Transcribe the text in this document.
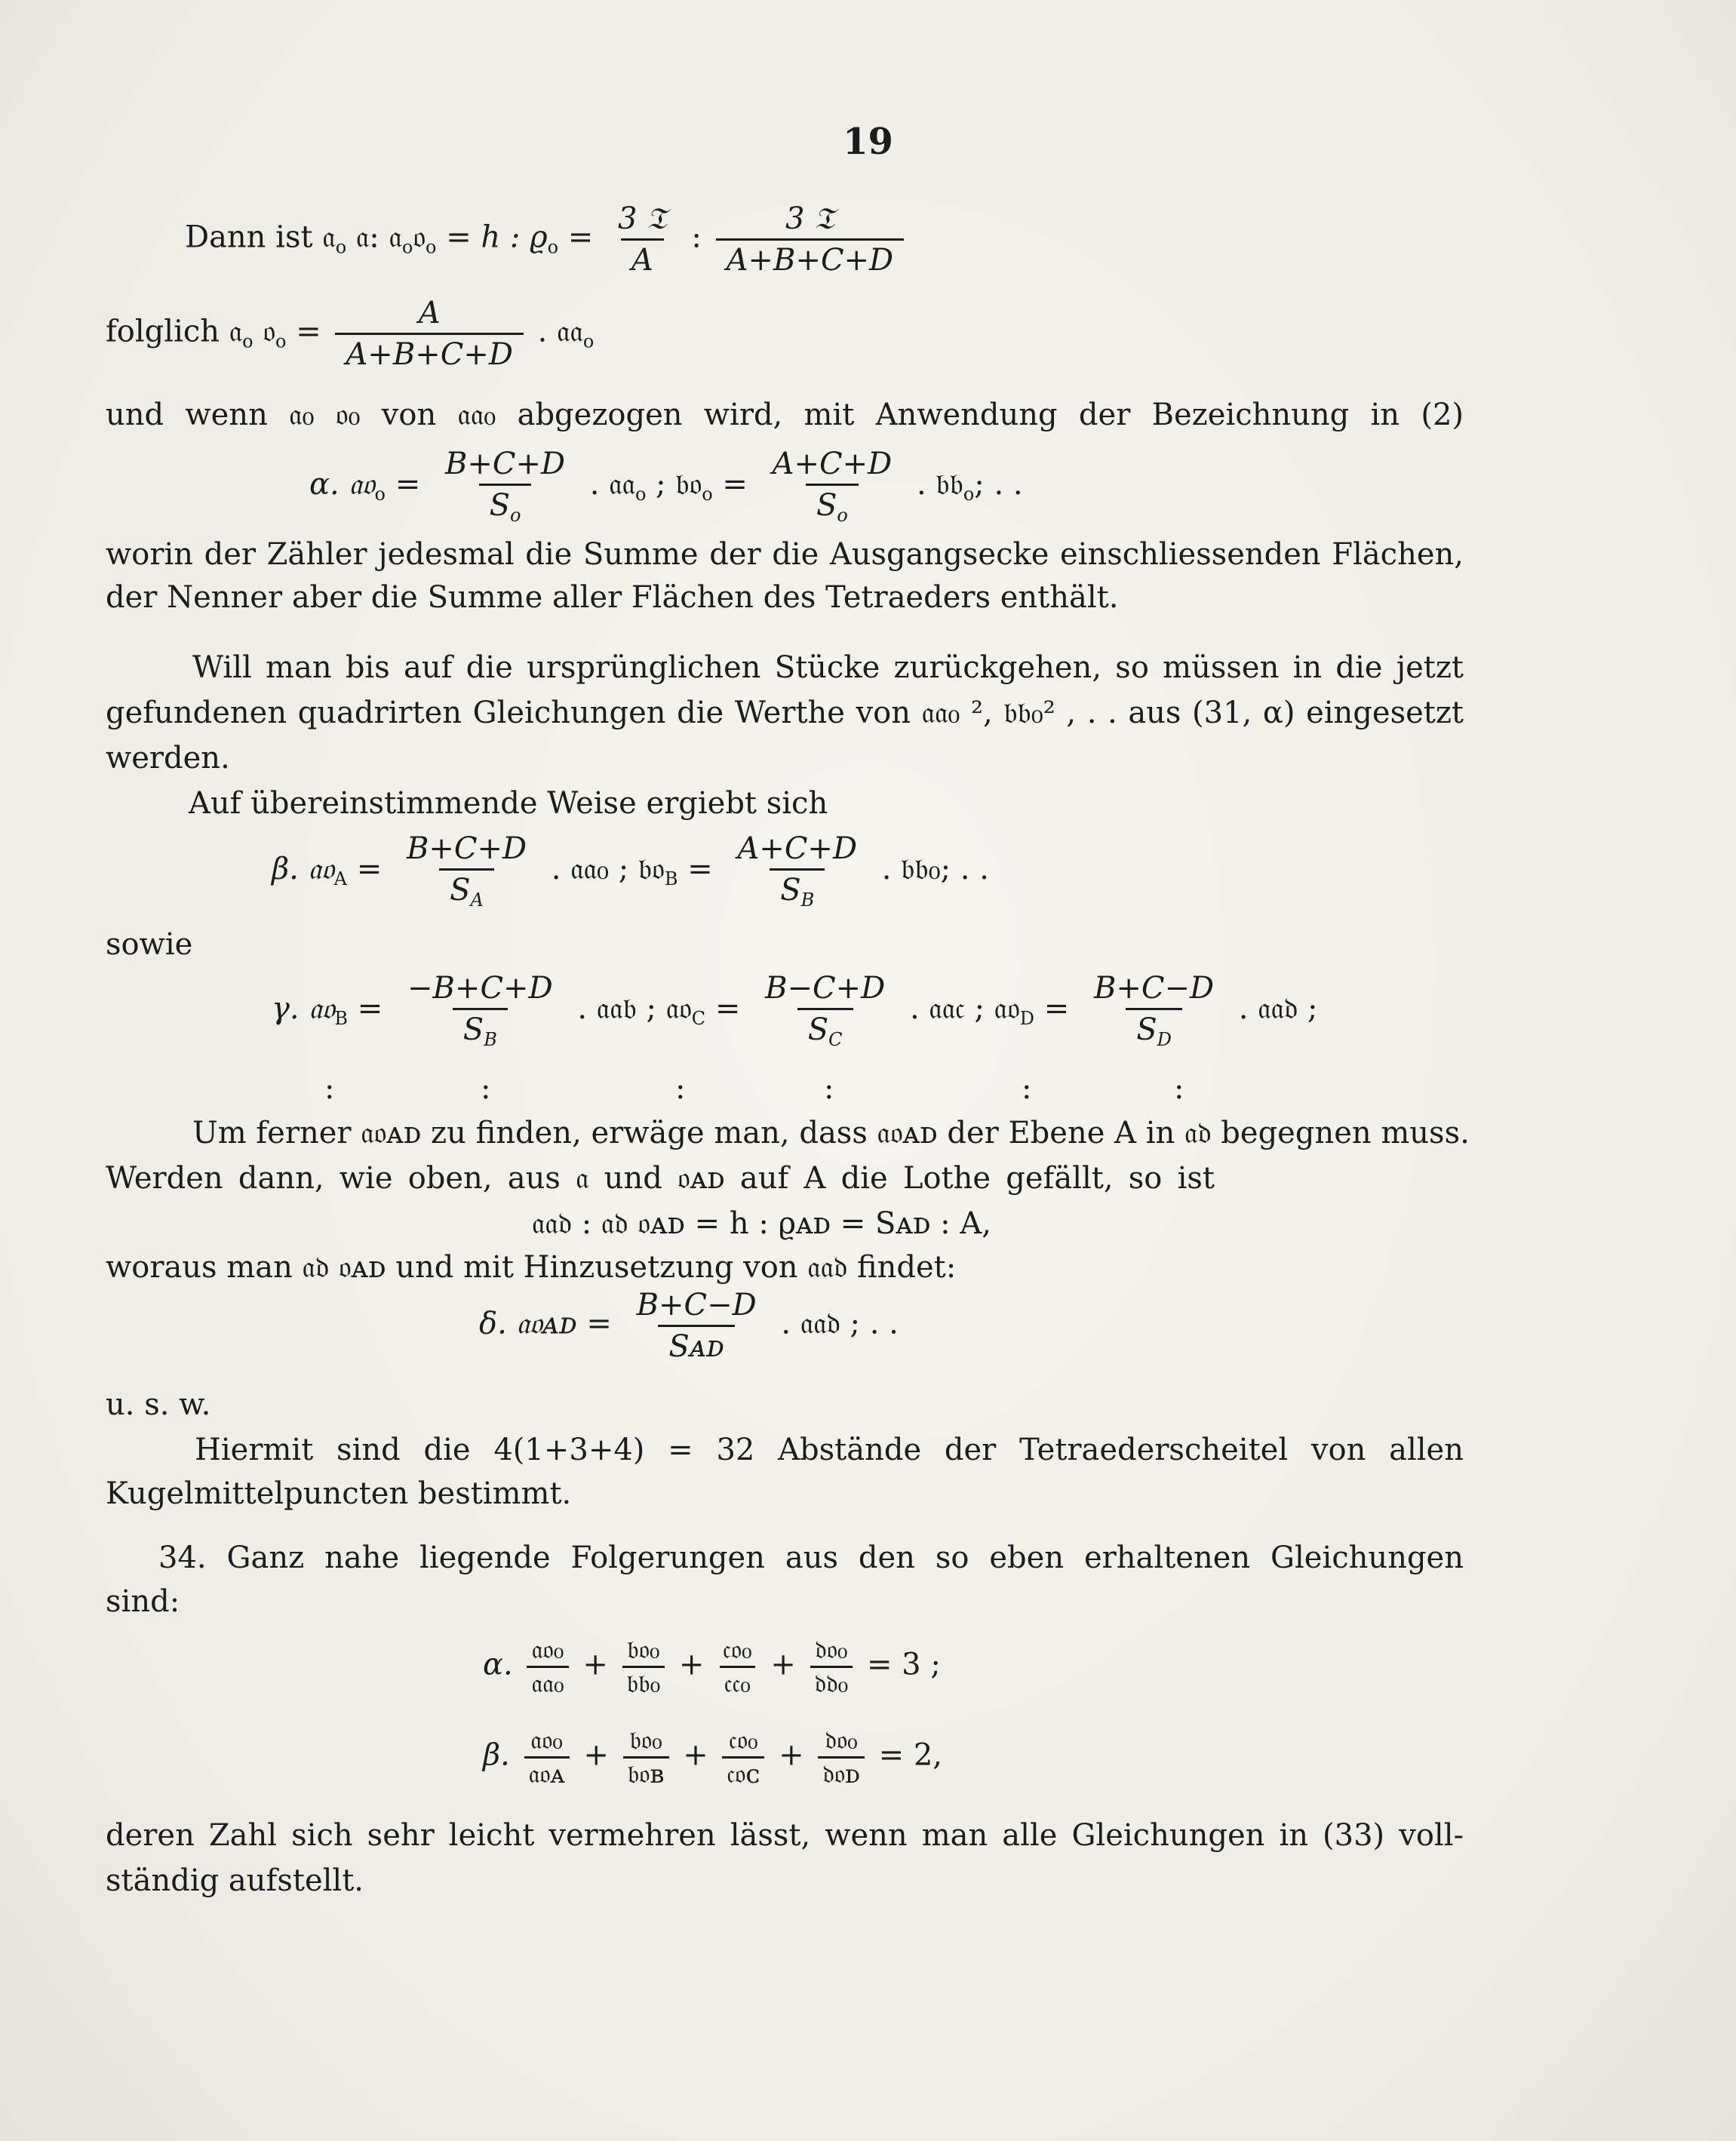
19
Dann ist 𝔞$_o$ 𝔞: 𝔞$_o$𝔬$_o$ = h : $ϱ_o = \frac{\text{3 𝔗}}{A}$ : $\frac{\text{3 𝔗}}{A+B+C+D}$
folglich 𝔞$_o$ 𝔬$_o$ = $\frac{A}{A+B+C+D}$ . 𝔞𝔞$_o$
und wenn 𝔞₀ 𝔬₀ von 𝔞𝔞₀ abgezogen wird, mit Anwendung der Bezeichnung in (2)
α. 𝔞𝔬$_o$ = $\frac{B+C+D}{S_o}$ . 𝔞𝔞$_o$ ; 𝔟𝔬$_o$ = $\frac{A+C+D}{S_o}$ . 𝔟𝔟$_o$; . .
worin der Zähler jedesmal die Summe der die Ausgangsecke einschliessenden Flächen,
der Nenner aber die Summe aller Flächen des Tetraeders enthält.
Will man bis auf die ursprünglichen Stücke zurückgehen, so müssen in die jetzt
gefundenen quadrirten Gleichungen die Werthe von 𝔞𝔞₀ ², 𝔟𝔟₀² , . . aus (31, α) eingesetzt
werden.
Auf übereinstimmende Weise ergiebt sich
β. 𝔞𝔬$_A$ = $\frac{B+C+D}{S_A}$ . 𝔞𝔞₀ ; 𝔟𝔬$_B$ = $\frac{A+C+D}{S_B}$ . 𝔟𝔟₀; . .
sowie
γ. 𝔞𝔬$_B$ = $\frac{-B+C+D}{S_B}$ . 𝔞𝔞𝔟 ; 𝔞𝔬$_C$ = $\frac{B-C+D}{S_C}$ . 𝔞𝔞𝔠 ; 𝔞𝔬$_D$ = $\frac{B+C-D}{S_D}$ . 𝔞𝔞𝔡 ;
:	:	:	:	:	:
Um ferner 𝔞𝔬ᴀᴅ zu finden, erwäge man, dass 𝔞𝔬ᴀᴅ der Ebene A in 𝔞𝔡 begegnen muss.
Werden dann, wie oben, aus 𝔞 und 𝔬ᴀᴅ auf A die Lothe gefällt, so ist
𝔞𝔞𝔡 : 𝔞𝔡 𝔬ᴀᴅ = h : ϱᴀᴅ = Sᴀᴅ : A,
woraus man 𝔞𝔡 𝔬ᴀᴅ und mit Hinzusetzung von 𝔞𝔞𝔡 findet:
δ. 𝔞𝔬ᴀᴅ = $\frac{B+C-D}{\text{Sᴀᴅ}}$ . 𝔞𝔞𝔡 ; . .
u. s. w.
Hiermit sind die 4(1+3+4) = 32 Abstände der Tetraederscheitel von allen
Kugelmittelpuncten bestimmt.
34. Ganz nahe liegende Folgerungen aus den so eben erhaltenen Gleichungen
sind:
α. $\frac{\text{𝔞𝔬₀}}{\text{𝔞𝔞₀}} + \frac{\text{𝔟𝔬₀}}{\text{𝔟𝔟₀}} + \frac{\text{𝔠𝔬₀}}{\text{𝔠𝔠₀}} + \frac{\text{𝔡𝔬₀}}{\text{𝔡𝔡₀}} = 3$ ;
β. $\frac{\text{𝔞𝔬₀}}{\text{𝔞𝔬ᴀ}} + \frac{\text{𝔟𝔬₀}}{\text{𝔟𝔬ʙ}} + \frac{\text{𝔠𝔬₀}}{\text{𝔠𝔬ᴄ}} + \frac{\text{𝔡𝔬₀}}{\text{𝔡𝔬ᴅ}} = 2$,
deren Zahl sich sehr leicht vermehren lässt, wenn man alle Gleichungen in (33) voll-
ständig aufstellt.
